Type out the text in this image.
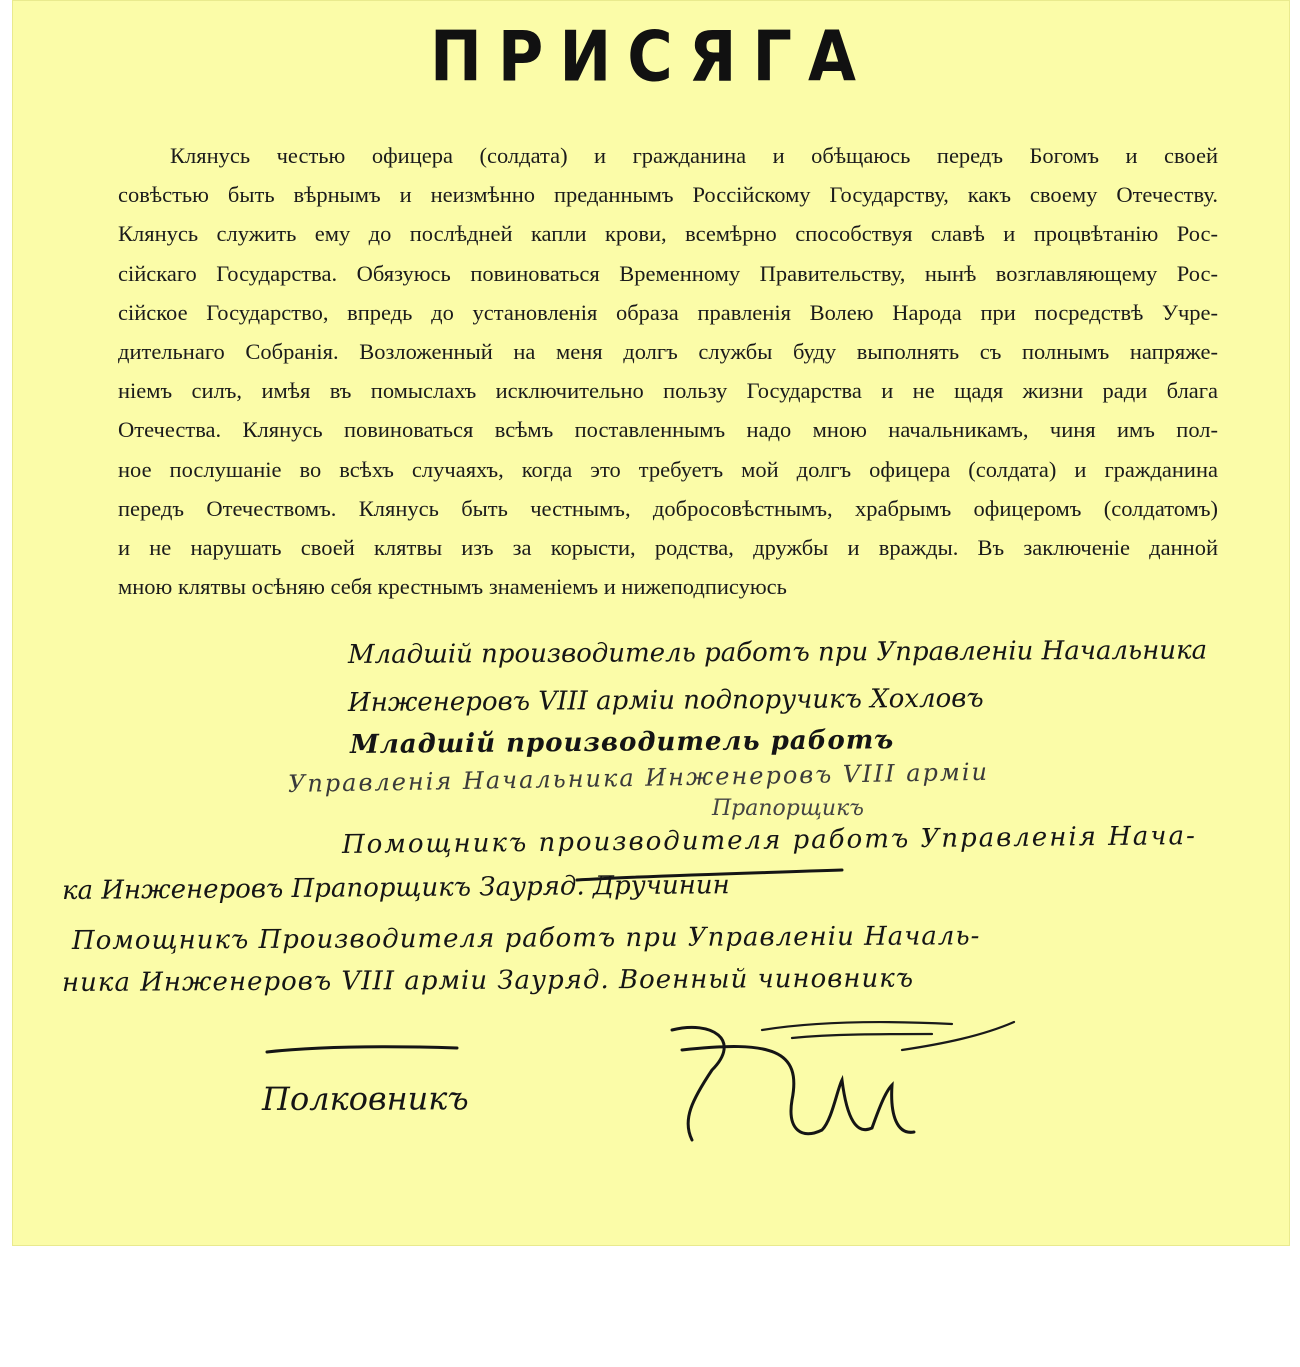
ПРИСЯГА
Клянусь честью офицера (солдата) и гражданина и обѣщаюсь передъ Богомъ и своей
совѣстью быть вѣрнымъ и неизмѣнно преданнымъ Россiйскому Государству, какъ своему Отечеству.
Клянусь служить ему до послѣдней капли крови, всемѣрно способствуя славѣ и процвѣтанiю Рос-
сiйскаго Государства. Обязуюсь повиноваться Временному Правительству, нынѣ возглавляющему Рос-
сiйское Государство, впредь до установленiя образа правленiя Волею Народа при посредствѣ Учре-
дительнаго Собранiя. Возложенный на меня долгъ службы буду выполнять съ полнымъ напряже-
нiемъ силъ, имѣя въ помыслахъ исключительно пользу Государства и не щадя жизни ради блага
Отечества. Клянусь повиноваться всѣмъ поставленнымъ надо мною начальникамъ, чиня имъ пол-
ное послушанiе во всѣхъ случаяхъ, когда это требуетъ мой долгъ офицера (солдата) и гражданина
передъ Отечествомъ. Клянусь быть честнымъ, добросовѣстнымъ, храбрымъ офицеромъ (солдатомъ)
и не нарушать своей клятвы изъ за корысти, родства, дружбы и вражды. Въ заключенiе данной
мною клятвы осѣняю себя крестнымъ знаменiемъ и нижеподписуюсь
Младшiй производитель работъ при Управленiи Начальника
Инженеровъ VIII армiи подпоручикъ Хохловъ
Младшiй производитель работъ
Управленiя Начальника Инженеровъ VIII армiи
Прапорщикъ
Помощникъ производителя работъ Управленiя Нача-
ка Инженеровъ Прапорщикъ Зауряд. Дручинин
Помощникъ Производителя работъ при Управленiи Началь-
ника Инженеровъ VIII армiи Зауряд. Военный чиновникъ
Полковникъ
